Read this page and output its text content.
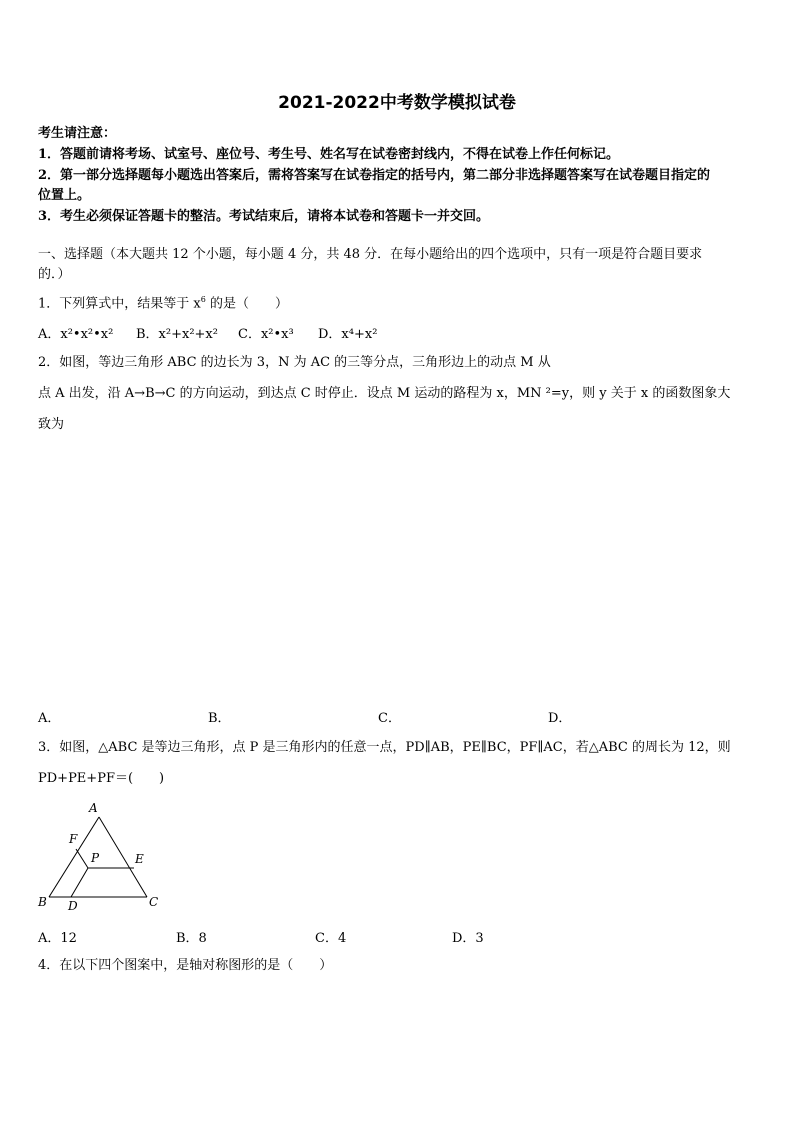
2021-2022中考数学模拟试卷
考生请注意：
1．答题前请将考场、试室号、座位号、考生号、姓名写在试卷密封线内，不得在试卷上作任何标记。
2．第一部分选择题每小题选出答案后，需将答案写在试卷指定的括号内，第二部分非选择题答案写在试卷题目指定的
位置上。
3．考生必须保证答题卡的整洁。考试结束后，请将本试卷和答题卡一并交回。
一、选择题（本大题共 12 个小题，每小题 4 分，共 48 分．在每小题给出的四个选项中，只有一项是符合题目要求
的．）
1．下列算式中，结果等于 $x^6$ 的是（　　）
A．x²•x²•x² B．x²+x²+x² C．x²•x³ D．x⁴+x²
2．如图，等边三角形 ABC 的边长为 3，N 为 AC 的三等分点，三角形边上的动点 M 从
点 A 出发，沿 A→B→C 的方向运动，到达点 C 时停止．设点 M 运动的路程为 x，MN ²=y，则 y 关于 x 的函数图象大
致为
A．	B．	C．	D．
3．如图，△ABC 是等边三角形，点 P 是三角形内的任意一点，PD∥AB，PE∥BC，PF∥AC，若△ABC 的周长为 12，则
PD+PE+PF＝(　　)
A
F
P	E
B D	C
A．12	B．8	C．4	D．3
4．在以下四个图案中，是轴对称图形的是（　　）
